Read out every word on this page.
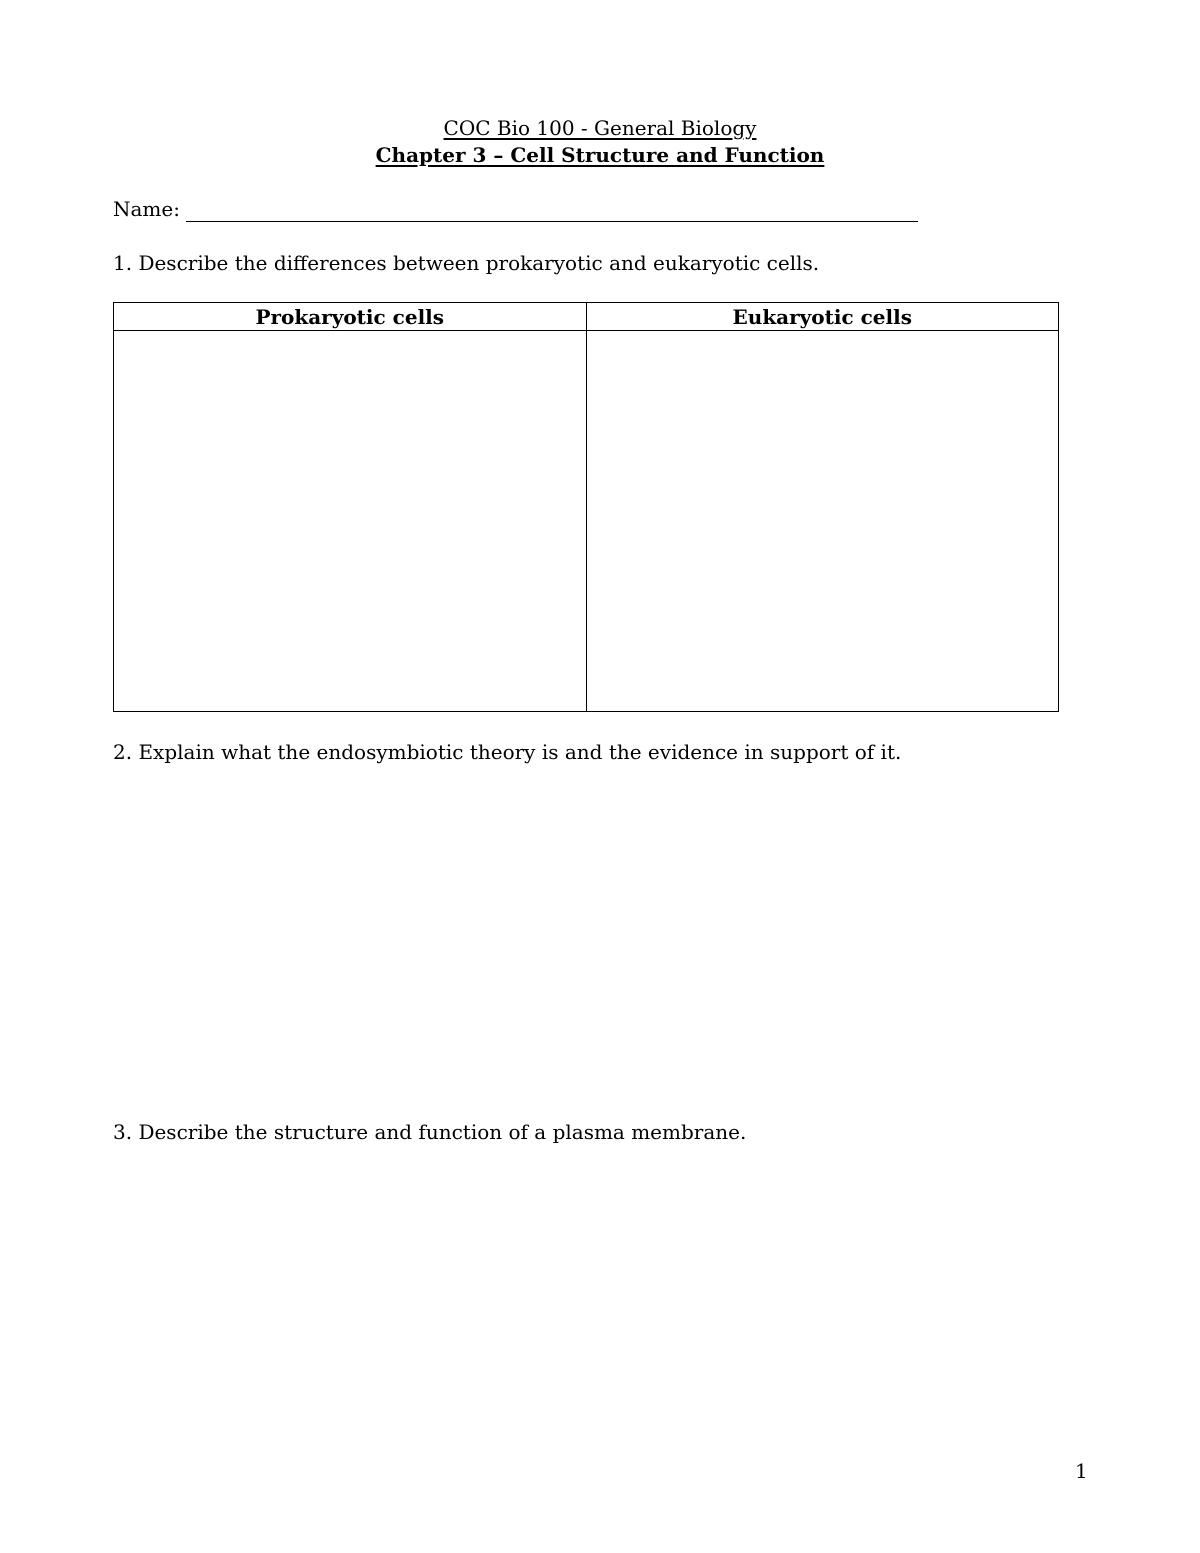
COC Bio 100 - General Biology
Chapter 3 – Cell Structure and Function
Name:
1. Describe the differences between prokaryotic and eukaryotic cells.
Prokaryotic cells	Eukaryotic cells

2. Explain what the endosymbiotic theory is and the evidence in support of it.
3. Describe the structure and function of a plasma membrane.
1
